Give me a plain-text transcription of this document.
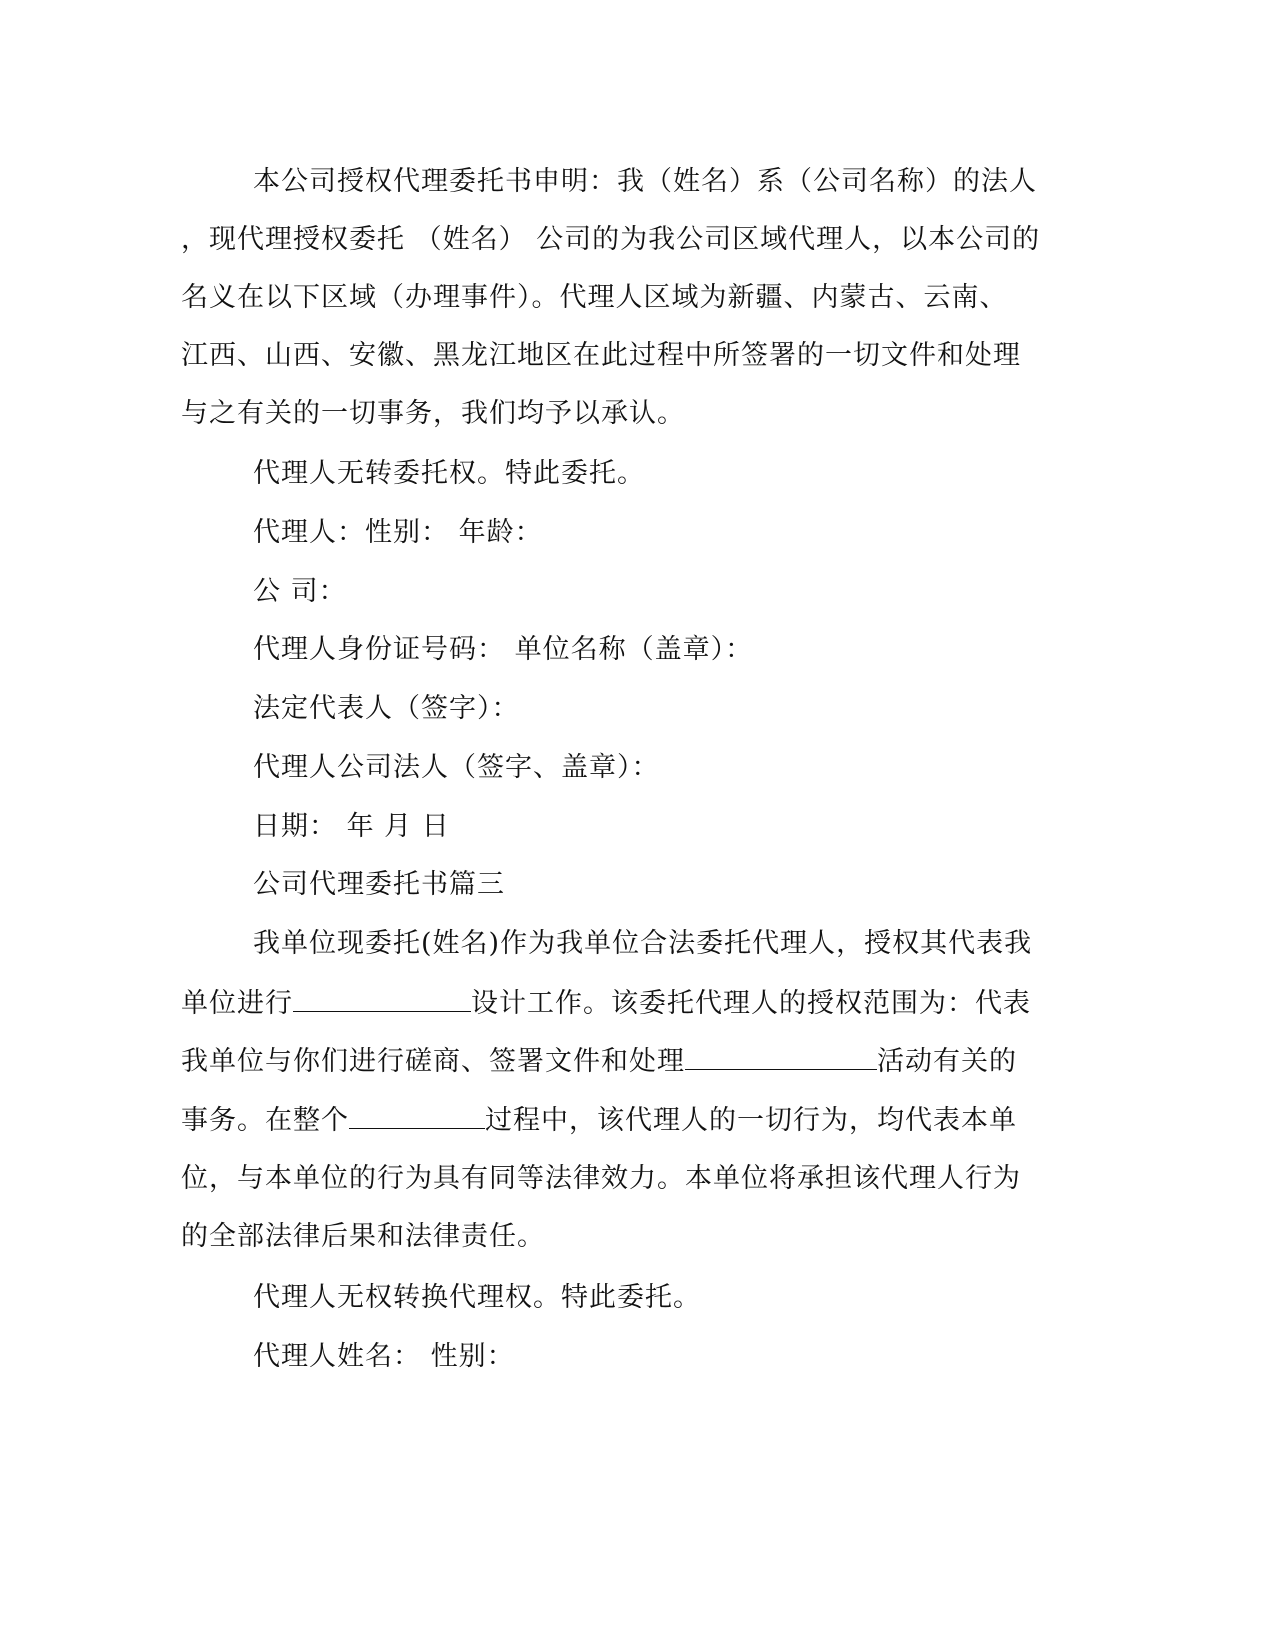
本公司授权代理委托书申明：我（姓名）系（公司名称）的法人
，现代理授权委托 （姓名） 公司的为我公司区域代理人，以本公司的
名义在以下区域（办理事件）。代理人区域为新疆、内蒙古、云南、
江西、山西、安徽、黑龙江地区在此过程中所签署的一切文件和处理
与之有关的一切事务，我们均予以承认。
代理人无转委托权。特此委托。
代理人：性别： 年龄：
公 司：
代理人身份证号码： 单位名称（盖章）：
法定代表人（签字）：
代理人公司法人（签字、盖章）：
日期： 年 月 日
公司代理委托书篇三
我单位现委托(姓名)作为我单位合法委托代理人，授权其代表我
单位进行	设计工作。该委托代理人的授权范围为：代表
我单位与你们进行磋商、签署文件和处理	活动有关的
事务。在整个	过程中，该代理人的一切行为，均代表本单
位，与本单位的行为具有同等法律效力。本单位将承担该代理人行为
的全部法律后果和法律责任。
代理人无权转换代理权。特此委托。
代理人姓名： 性别：
